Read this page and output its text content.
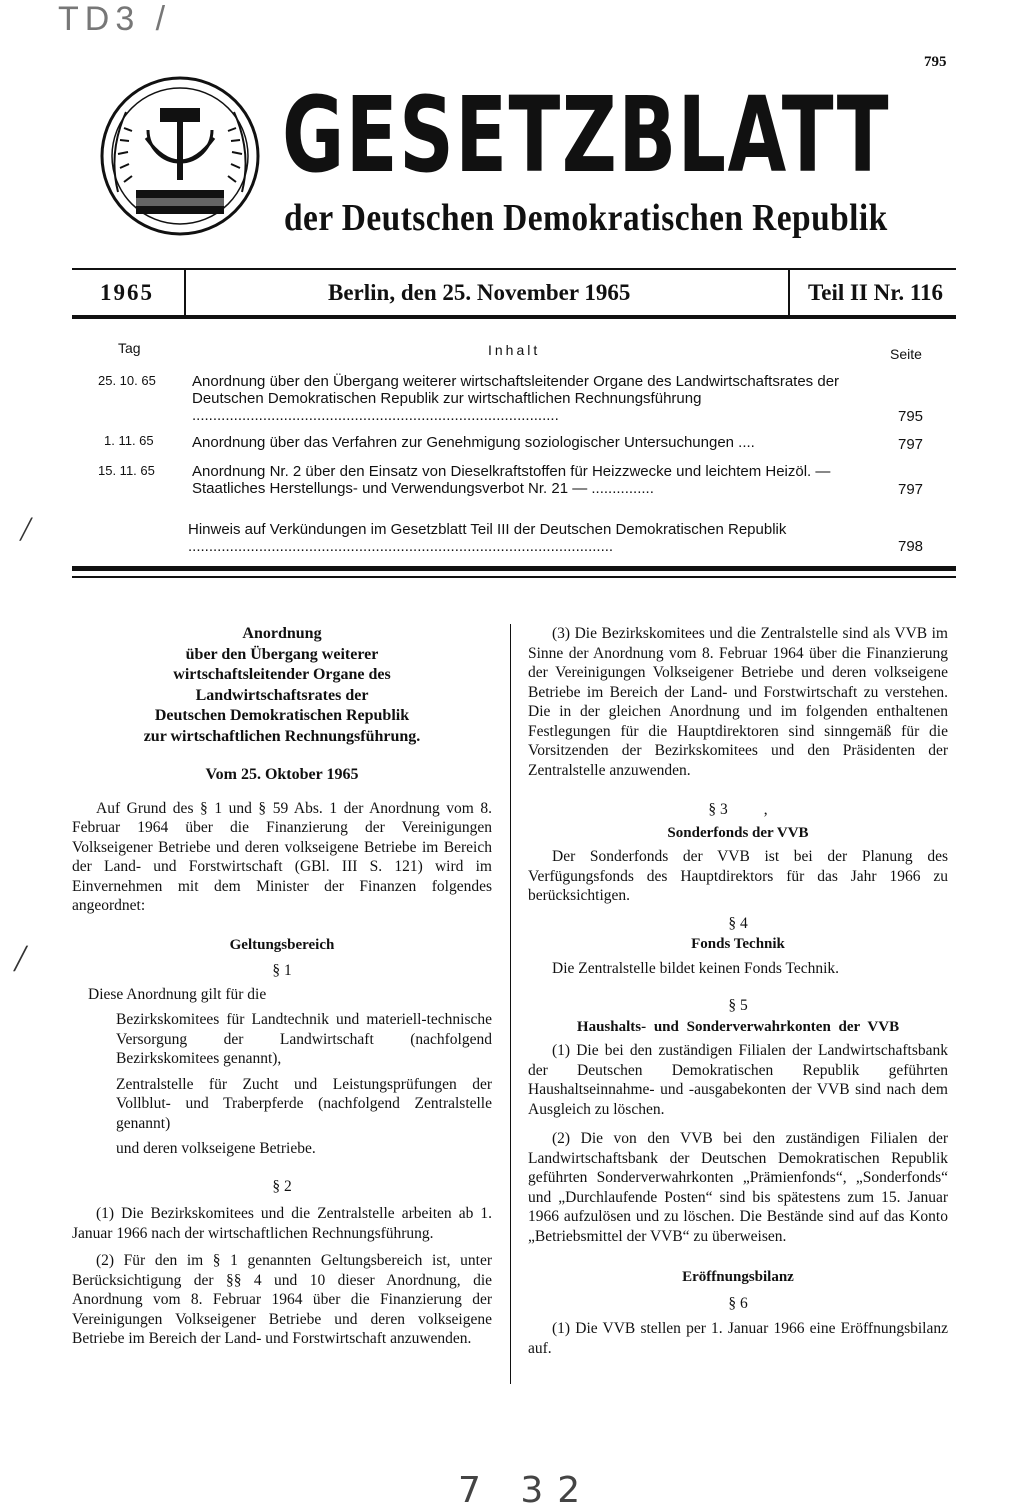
TD3 /
795
GESETZBLATT
der Deutschen Demokratischen Republik
1965	Berlin, den 25. November 1965	Teil II Nr. 116
Tag	Inhalt	Seite
25. 10. 65 Anordnung über den Übergang weiterer wirtschaftsleitender Organe des Landwirtschaftsrates der Deutschen Demokratischen Republik zur wirtschaftlichen Rechnungsführung ........................................................................................	795
1. 11. 65	Anordnung über das Verfahren zur Genehmigung soziologischer Untersuchungen ....	797
15. 11. 65 Anordnung Nr. 2 über den Einsatz von Dieselkraftstoffen für Heizzwecke und leichtem Heizöl. — Staatliches Herstellungs- und Verwendungsverbot Nr. 21 — ...............	797
Hinweis auf Verkündungen im Gesetzblatt Teil III der Deutschen Demokratischen Republik ......................................................................................................	798
╱
Anordnung
über den Übergang weiterer
wirtschaftsleitender Organe des
Landwirtschaftsrates der
Deutschen Demokratischen Republik
zur wirtschaftlichen Rechnungsführung.
Vom 25. Oktober 1965

Auf Grund des § 1 und § 59 Abs. 1 der Anordnung vom 8. Februar 1964 über die Finanzierung der Vereinigungen Volkseigener Betriebe und deren volkseigene Betriebe im Bereich der Land- und Forstwirtschaft (GBl. III S. 121) wird im Einvernehmen mit dem Minister der Finanzen folgendes angeordnet:

Geltungsbereich
§ 1
Diese Anordnung gilt für die
Bezirkskomitees für Landtechnik und materiell-technische Versorgung der Landwirtschaft (nachfolgend Bezirkskomitees genannt),
Zentralstelle für Zucht und Leistungsprüfungen der Vollblut- und Traberpferde (nachfolgend Zentralstelle genannt)
und deren volkseigene Betriebe.
§ 2

(1) Die Bezirkskomitees und die Zentralstelle arbeiten ab 1. Januar 1966 nach der wirtschaftlichen Rechnungsführung.

(2) Für den im § 1 genannten Geltungsbereich ist, unter Berücksichtigung der §§ 4 und 10 dieser Anordnung, die Anordnung vom 8. Februar 1964 über die Finanzierung der Vereinigungen Volkseigener Betriebe und deren volkseigene Betriebe im Bereich der Land- und Forstwirtschaft anzuwenden.

(3) Die Bezirkskomitees und die Zentralstelle sind als VVB im Sinne der Anordnung vom 8. Februar 1964 über die Finanzierung der Vereinigungen Volkseigener Betriebe und deren volkseigene Betriebe im Bereich der Land- und Forstwirtschaft zu verstehen. Die in der gleichen Anordnung und im folgenden enthaltenen Festlegungen für die Hauptdirektoren sind sinngemäß für die Vorsitzenden der Bezirkskomitees und den Präsidenten der Zentralstelle anzuwenden.

§ 3 ,
Sonderfonds der VVB

Der Sonderfonds der VVB ist bei der Planung des Verfügungsfonds des Hauptdirektors für das Jahr 1966 zu berücksichtigen.

§ 4
Fonds Technik

Die Zentralstelle bildet keinen Fonds Technik.

§ 5
Haushalts- und Sonderverwahrkonten der VVB

(1) Die bei den zuständigen Filialen der Landwirtschaftsbank der Deutschen Demokratischen Republik geführten Haushaltseinnahme- und -ausgabekonten der VVB sind nach dem Ausgleich zu löschen.

(2) Die von den VVB bei den zuständigen Filialen der Landwirtschaftsbank der Deutschen Demokratischen Republik geführten Sonderverwahrkonten „Prämienfonds“, „Sonderfonds“ und „Durchlaufende Posten“ sind bis spätestens zum 15. Januar 1966 aufzulösen und zu löschen. Die Bestände sind auf das Konto „Betriebsmittel der VVB“ zu überweisen.

Eröffnungsbilanz
§ 6

(1) Die VVB stellen per 1. Januar 1966 eine Eröffnungsbilanz auf.

╱
7 32
